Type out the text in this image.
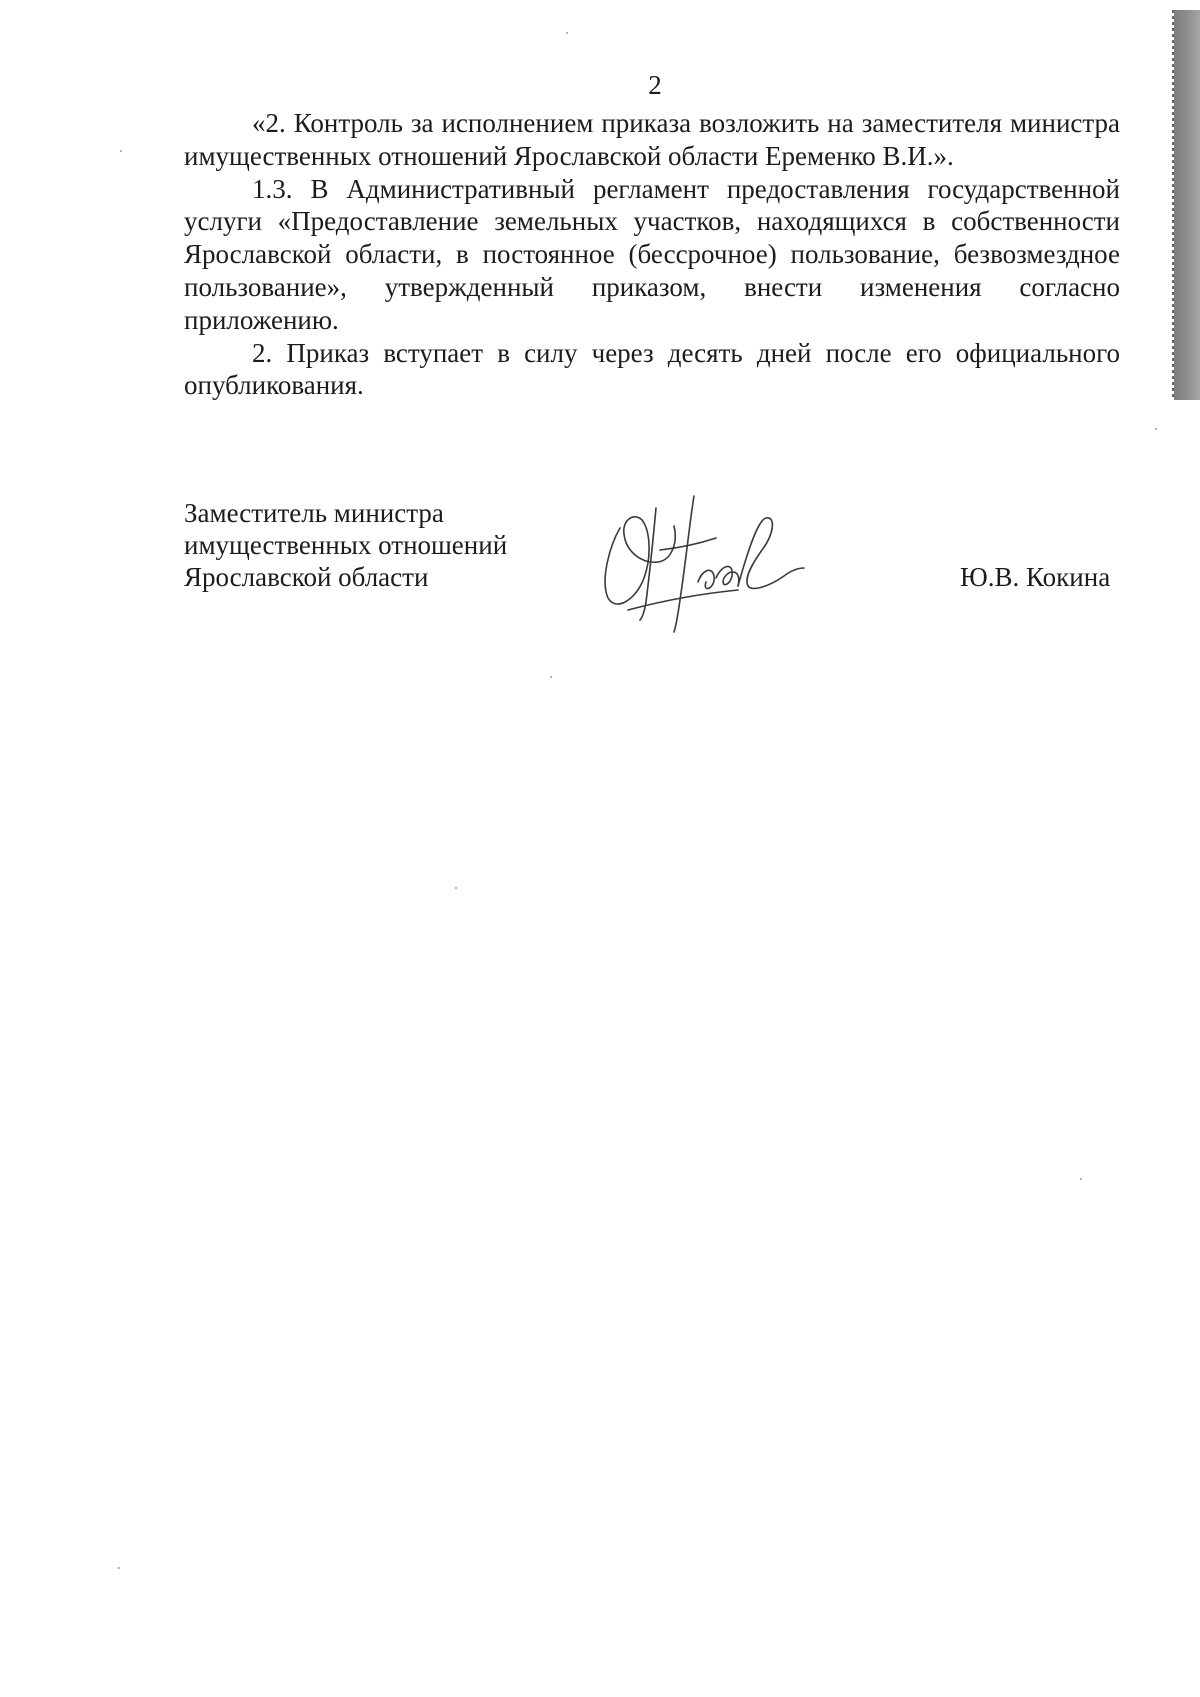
2

«2. Контроль за исполнением приказа возложить на заместителя министра имущественных отношений Ярославской области Еременко В.И.».

1.3. В Административный регламент предоставления государственной услуги «Предоставление земельных участков, находящихся в собственности Ярославской области, в постоянное (бессрочное) пользование, безвозмездное пользование», утвержденный приказом, внести изменения согласно приложению.

2. Приказ вступает в силу через десять дней после его официального опубликования.

Заместитель министра
имущественных отношений
Ярославской области	Ю.В. Кокина
